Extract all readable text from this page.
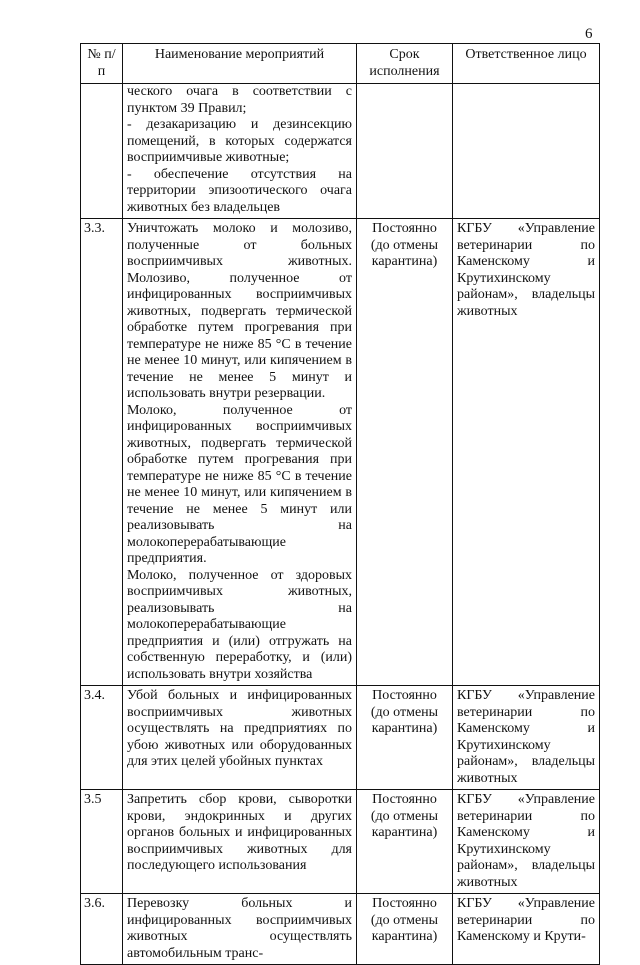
6
№ п/п	Наименование мероприятий	Срок исполнения	Ответственное лицо

	ческого очага в соответствии с пунктом 39 Правил;

- дезакаризацию и дезинсекцию помещений, в которых содержатся восприимчивые животные;

- обеспечение отсутствия на территории эпизоотического очага животных без владельцев		

3.3.	Уничтожать молоко и молозиво, полученные от больных восприимчивых животных. Молозиво, полученное от инфицированных восприимчивых животных, подвергать термической обработке путем прогревания при температуре не ниже 85 °С в течение не менее 10 минут, или кипячением в течение не менее 5 минут и использовать внутри резервации.

Молоко, полученное от инфицированных восприимчивых животных, подвергать термической обработке путем прогревания при температуре не ниже 85 °С в течение не менее 10 минут, или кипячением в течение не менее 5 минут или реализовывать на молокоперерабатывающие предприятия.

Молоко, полученное от здоровых восприимчивых животных, реализовывать на молокоперерабатывающие предприятия и (или) отгружать на собственную переработку, и (или) использовать внутри хозяйства	Постоянно (до отмены карантина)	КГБУ «Управление ветеринарии по Каменскому и Крутихинскому районам», владельцы животных
3.4.	Убой больных и инфицированных восприимчивых животных осуществлять на предприятиях по убою животных или оборудованных для этих целей убойных пунктах	Постоянно (до отмены карантина)	КГБУ «Управление ветеринарии по Каменскому и Крутихинскому районам», владельцы животных
3.5	Запретить сбор крови, сыворотки крови, эндокринных и других органов больных и инфицированных восприимчивых животных для последующего использования	Постоянно (до отмены карантина)	КГБУ «Управление ветеринарии по Каменскому и Крутихинскому районам», владельцы животных
3.6.	Перевозку больных и инфицированных восприимчивых животных осуществлять автомобильным транс-	Постоянно (до отмены карантина)	КГБУ «Управление ветеринарии по Каменскому и Крути-
